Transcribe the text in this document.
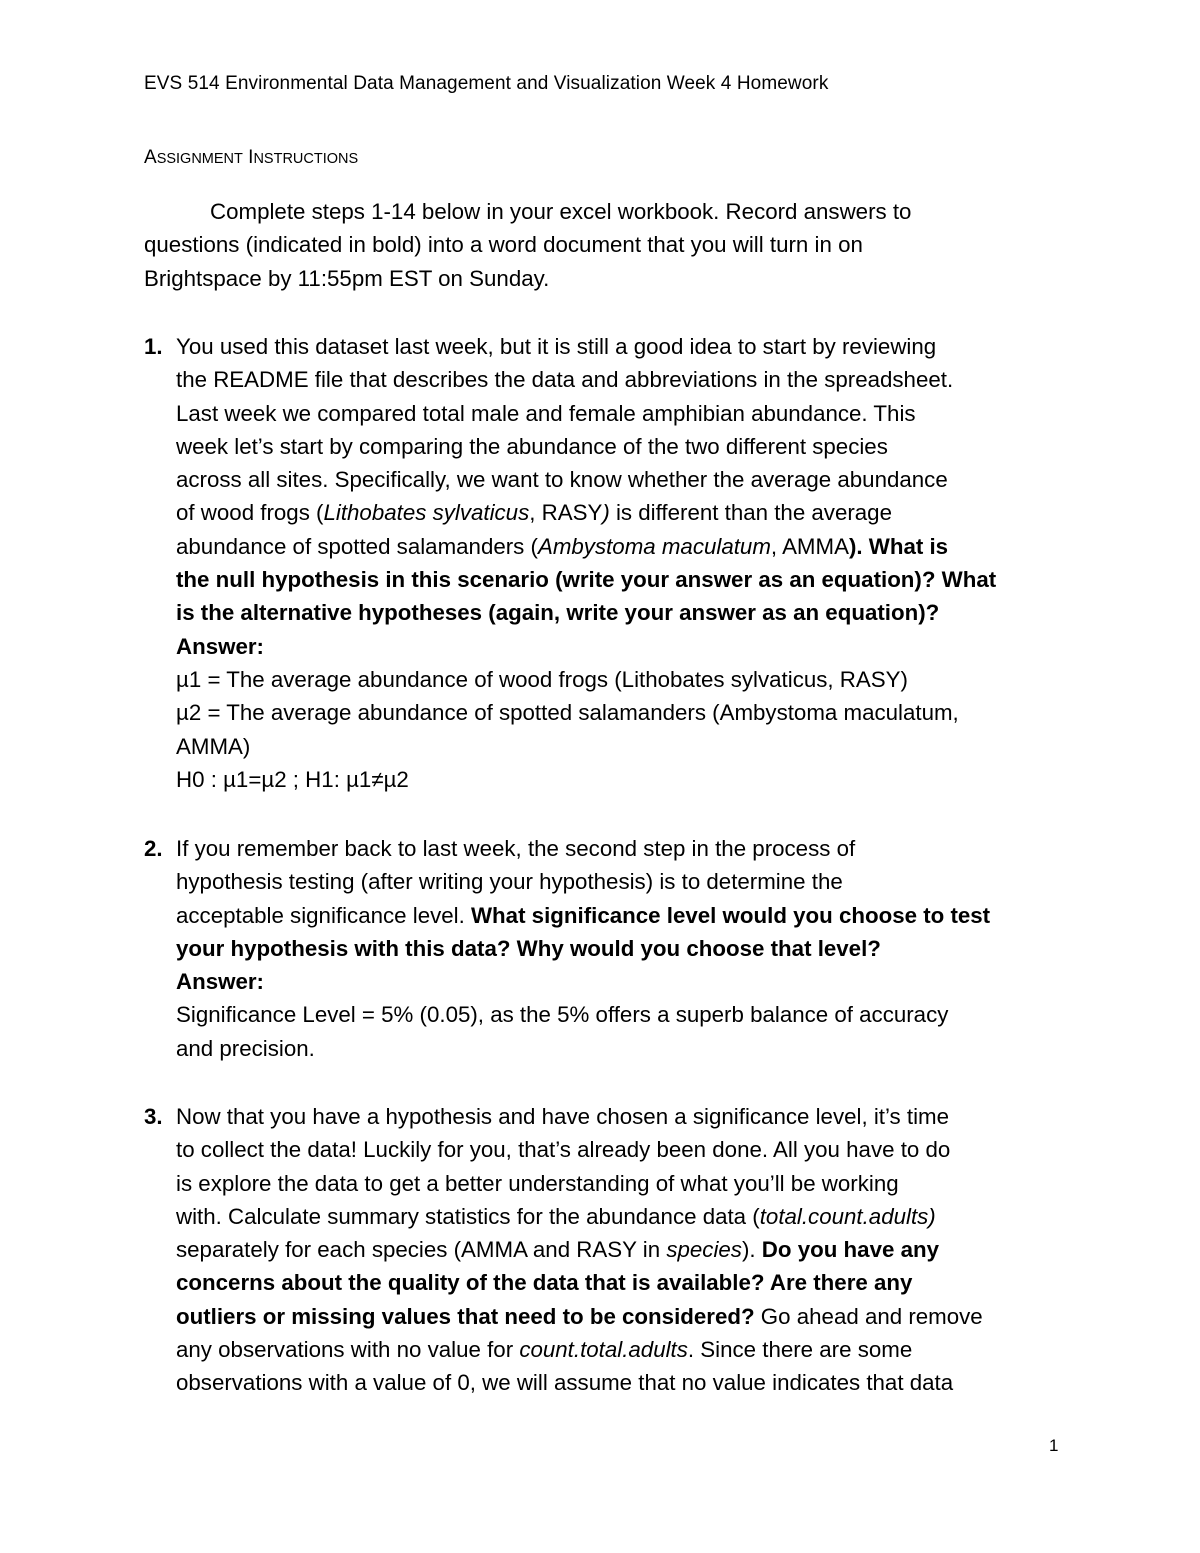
EVS 514 Environmental Data Management and Visualization Week 4 Homework
ASSIGNMENT INSTRUCTIONS
Complete steps 1-14 below in your excel workbook. Record answers to
questions (indicated in bold) into a word document that you will turn in on
Brightspace by 11:55pm EST on Sunday.
1. You used this dataset last week, but it is still a good idea to start by reviewing
the README file that describes the data and abbreviations in the spreadsheet.
Last week we compared total male and female amphibian abundance. This
week let’s start by comparing the abundance of the two different species
across all sites. Specifically, we want to know whether the average abundance
of wood frogs (Lithobates sylvaticus, RASY) is different than the average
abundance of spotted salamanders (Ambystoma maculatum, AMMA). What is
the null hypothesis in this scenario (write your answer as an equation)? What
is the alternative hypotheses (again, write your answer as an equation)?
Answer:
µ1 = The average abundance of wood frogs (Lithobates sylvaticus, RASY)
µ2 = The average abundance of spotted salamanders (Ambystoma maculatum,
AMMA)
H0 : µ1=µ2 ; H1: µ1≠µ2
2. If you remember back to last week, the second step in the process of
hypothesis testing (after writing your hypothesis) is to determine the
acceptable significance level. What significance level would you choose to test
your hypothesis with this data? Why would you choose that level?
Answer:
Significance Level = 5% (0.05), as the 5% offers a superb balance of accuracy
and precision.
3. Now that you have a hypothesis and have chosen a significance level, it’s time
to collect the data! Luckily for you, that’s already been done. All you have to do
is explore the data to get a better understanding of what you’ll be working
with. Calculate summary statistics for the abundance data (total.count.adults)
separately for each species (AMMA and RASY in species). Do you have any
concerns about the quality of the data that is available? Are there any
outliers or missing values that need to be considered? Go ahead and remove
any observations with no value for count.total.adults. Since there are some
observations with a value of 0, we will assume that no value indicates that data
1
